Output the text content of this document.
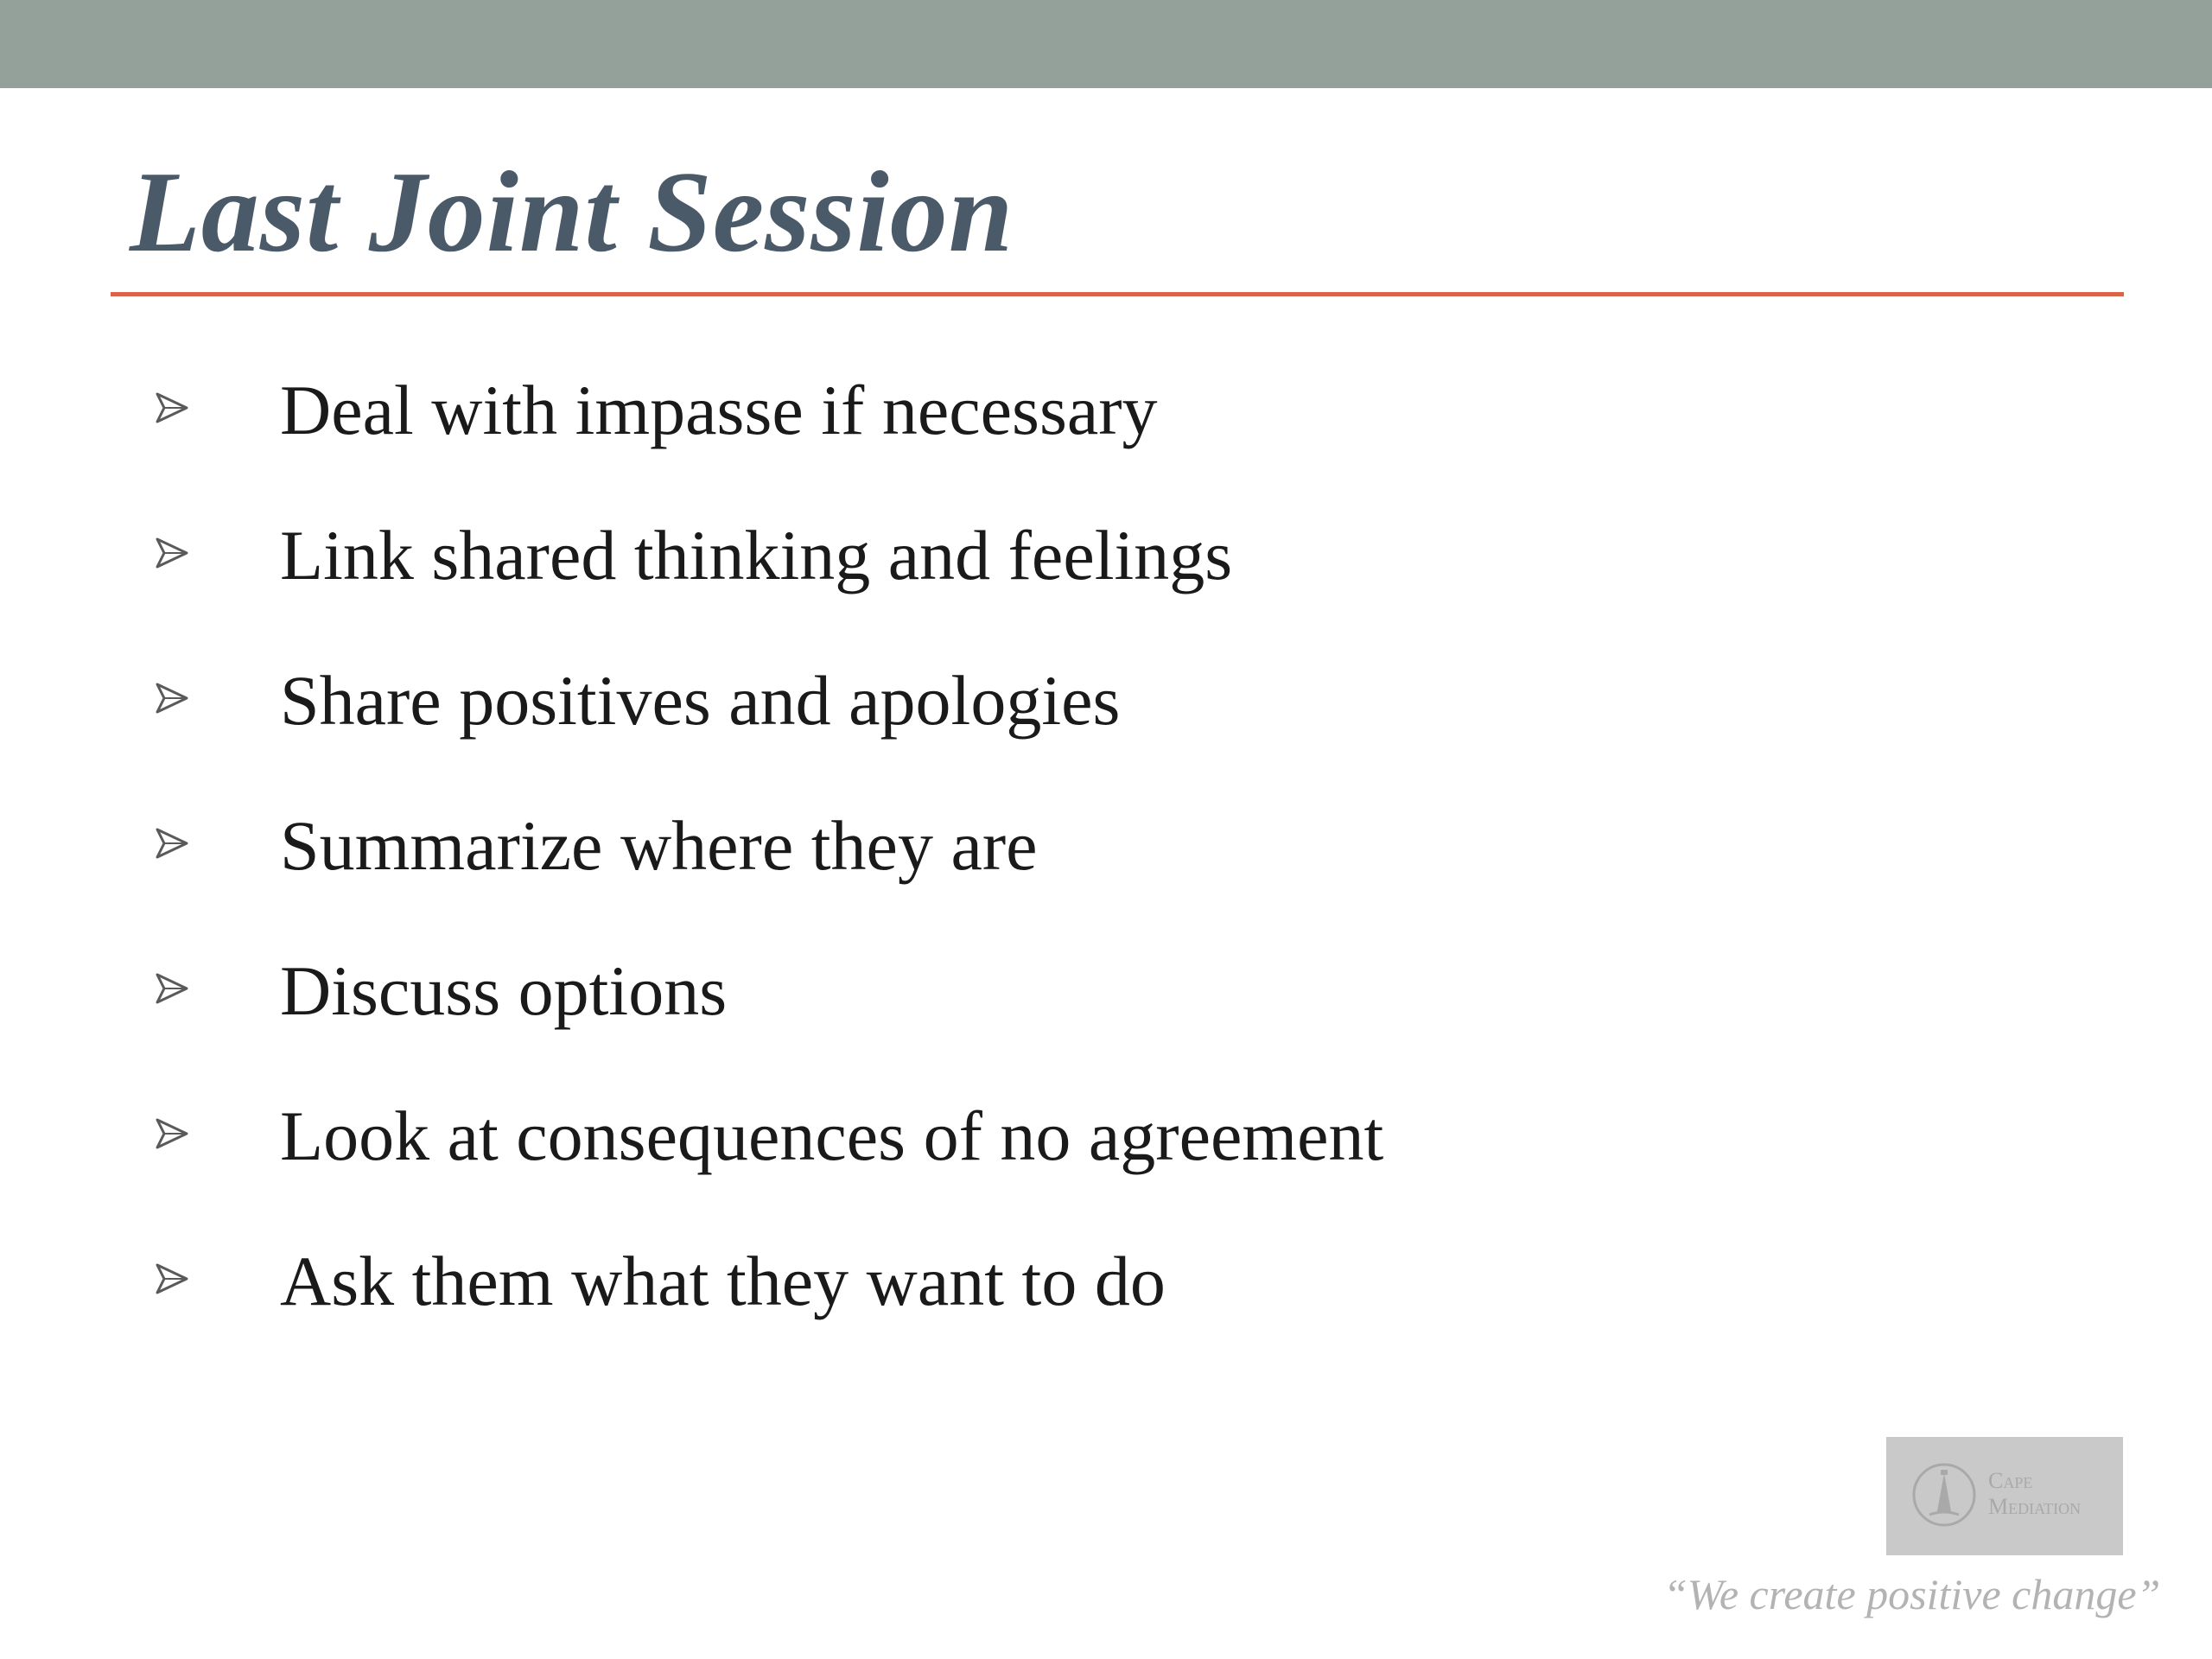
Last Joint Session
Deal with impasse if necessary
Link shared thinking and feelings
Share positives and apologies
Summarize where they are
Discuss options
Look at consequences of no agreement
Ask them what they want to do
Cape
Mediation
“We create positive change”
